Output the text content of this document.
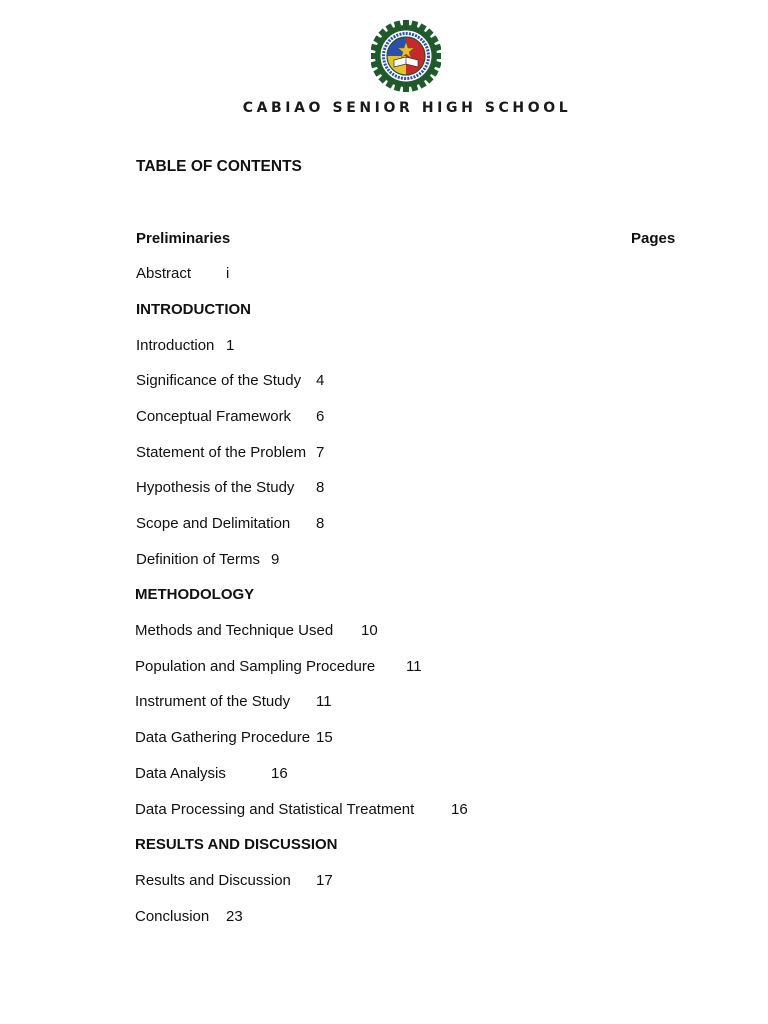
CABIAO SENIOR HIGH SCHOOL
TABLE OF CONTENTS
Pages
Preliminaries
Abstract i
INTRODUCTION
Introduction 1
Significance of the Study 4
Conceptual Framework 6
Statement of the Problem 7
Hypothesis of the Study 8
Scope and Delimitation 8
Definition of Terms 9
METHODOLOGY
Methods and Technique Used 10
Population and Sampling Procedure 11
Instrument of the Study 11
Data Gathering Procedure 15
Data Analysis	16
Data Processing and Statistical Treatment 16
RESULTS AND DISCUSSION
Results and Discussion 17
Conclusion 23
